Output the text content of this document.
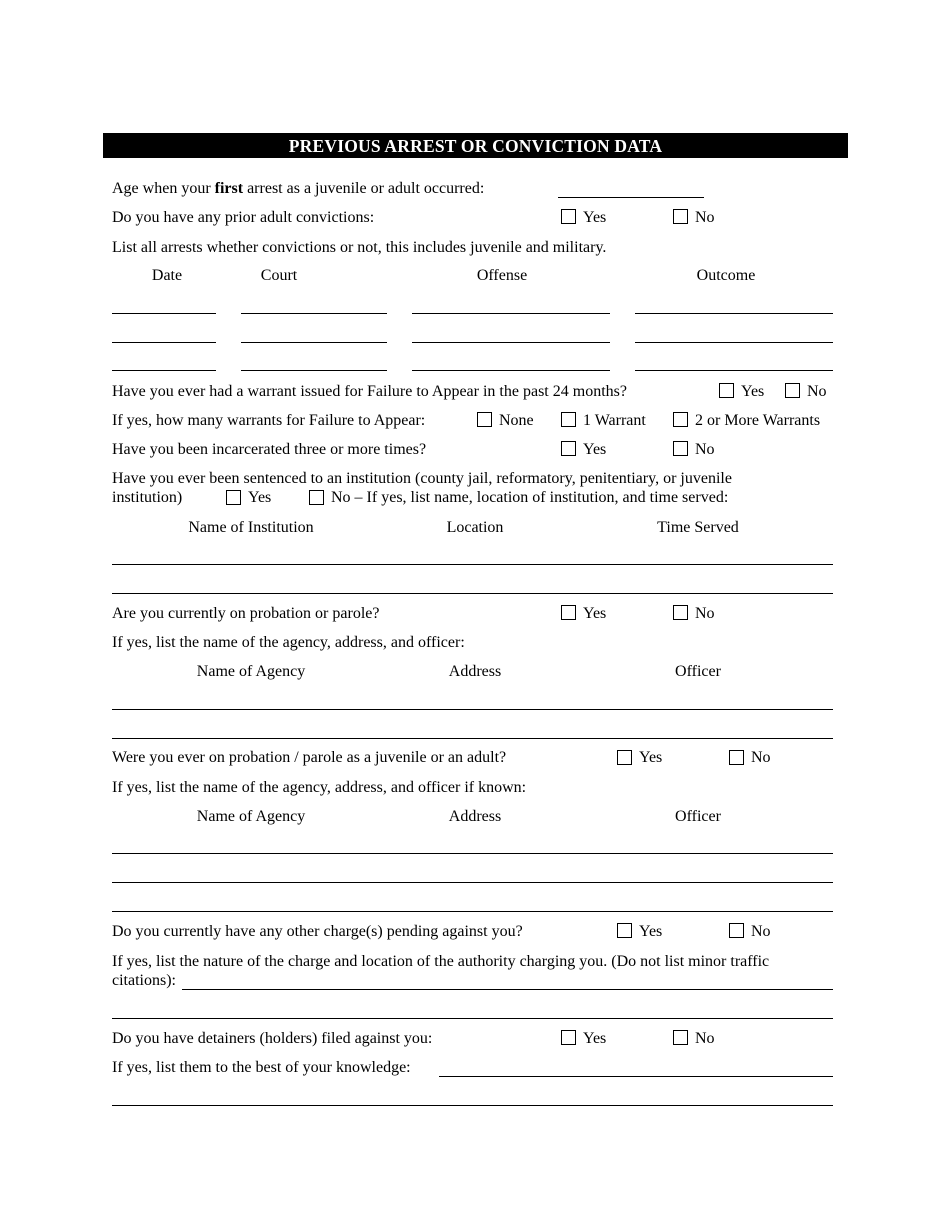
PREVIOUS ARREST OR CONVICTION DATA
Age when your first arrest as a juvenile or adult occurred:
Do you have any prior adult convictions:	Yes	No
List all arrests whether convictions or not, this includes juvenile and military.
Date	Court	Offense	Outcome
Have you ever had a warrant issued for Failure to Appear in the past 24 months?	Yes	No
If yes, how many warrants for Failure to Appear:	None	1 Warrant	2 or More Warrants
Have you been incarcerated three or more times?	Yes	No
Have you ever been sentenced to an institution (county jail, reformatory, penitentiary, or juvenile
institution)	Yes	No – If yes, list name, location of institution, and time served:
Name of Institution	Location	Time Served
Are you currently on probation or parole?	Yes	No
If yes, list the name of the agency, address, and officer:
Name of Agency	Address	Officer
Were you ever on probation / parole as a juvenile or an adult?	Yes	No
If yes, list the name of the agency, address, and officer if known:
Name of Agency	Address	Officer
Do you currently have any other charge(s) pending against you?	Yes	No
If yes, list the nature of the charge and location of the authority charging you. (Do not list minor traffic
citations):
Do you have detainers (holders) filed against you:	Yes	No
If yes, list them to the best of your knowledge:
